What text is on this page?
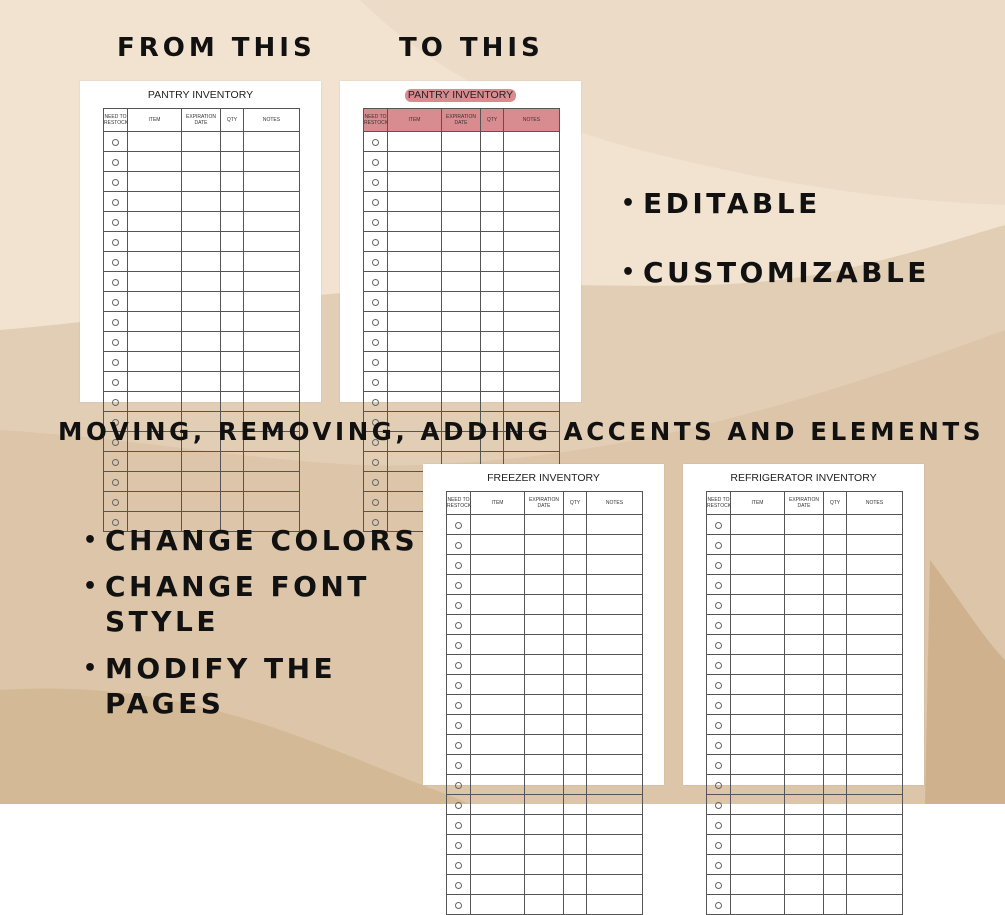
FROM THIS	TO THIS
PANTRY INVENTORY
NEED TO RESTOCK	ITEM	EXPIRATION DATE	QTY	NOTES

PANTRY INVENTORY
NEED TO RESTOCK	ITEM	EXPIRATION DATE	QTY	NOTES

• EDITABLE
• CUSTOMIZABLE
MOVING, REMOVING, ADDING ACCENTS AND ELEMENTS
• CHANGE COLORS
• CHANGE FONT
STYLE
• MODIFY THE
PAGES
FREEZER INVENTORY
NEED TO RESTOCK	ITEM	EXPIRATION DATE	QTY	NOTES

REFRIGERATOR INVENTORY
NEED TO RESTOCK	ITEM	EXPIRATION DATE	QTY	NOTES
